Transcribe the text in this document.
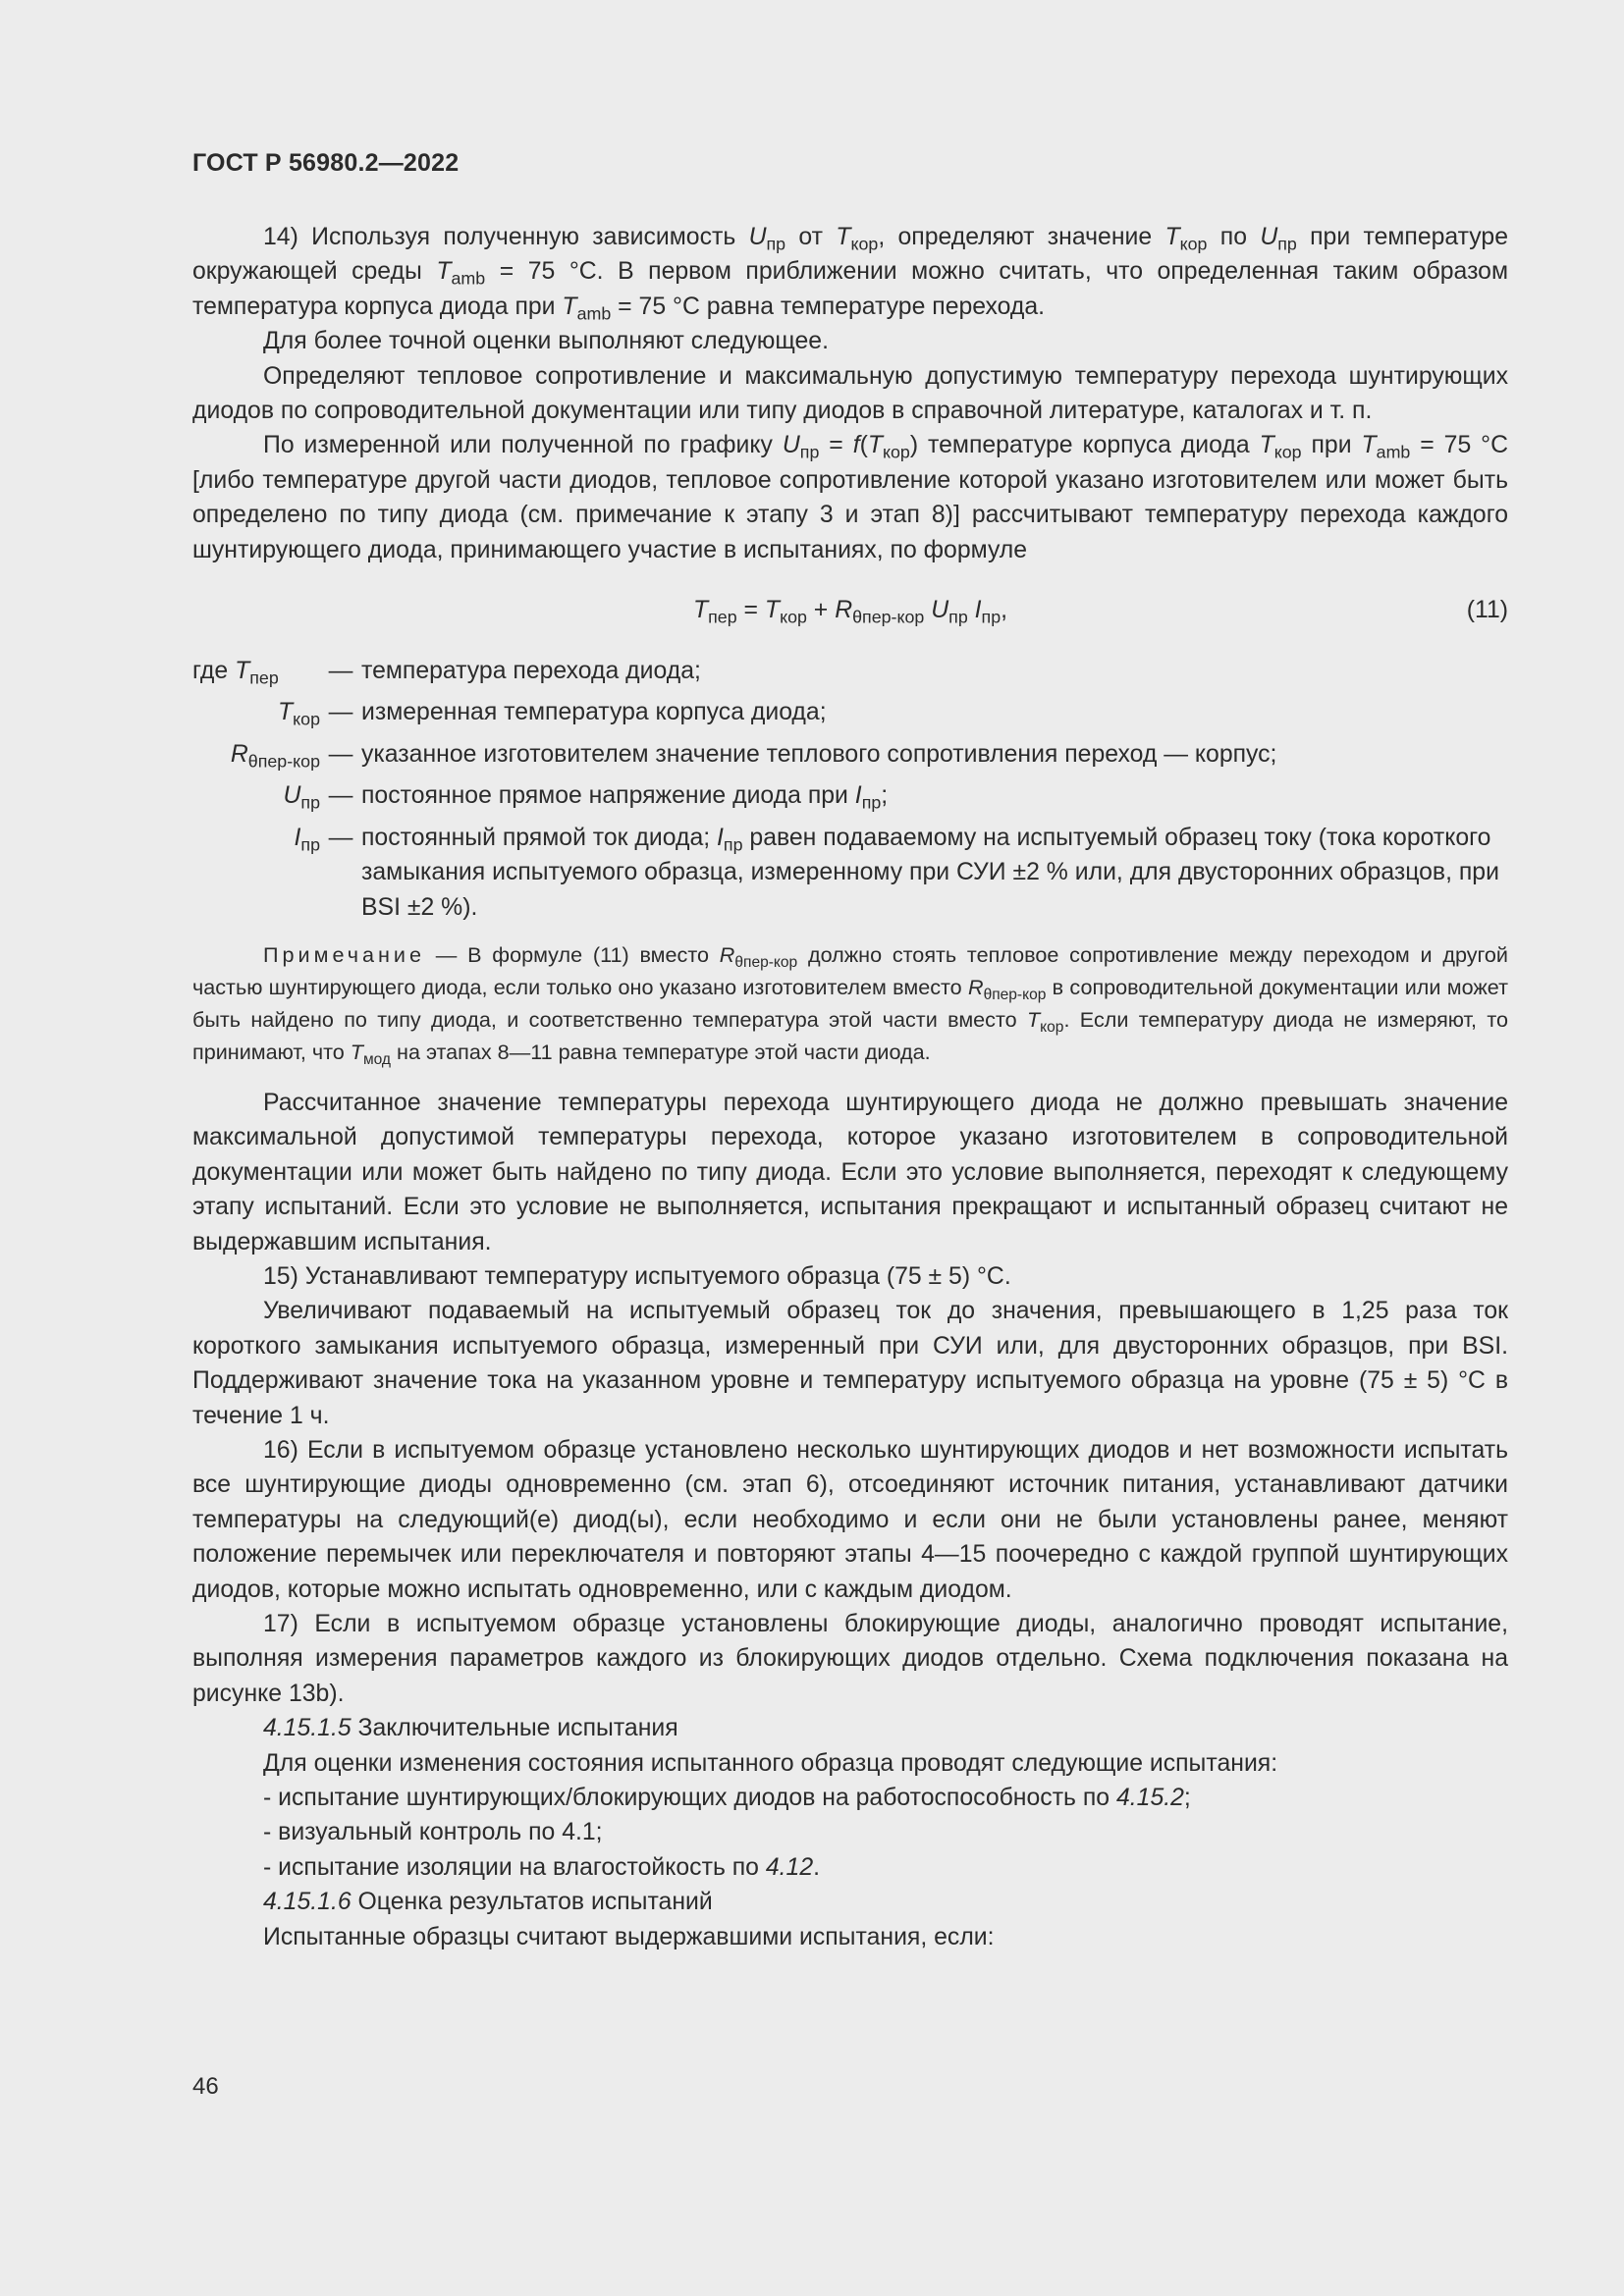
ГОСТ Р 56980.2—2022

14) Используя полученную зависимость $U_{пр}$ от $T_{кор}$, определяют значение $T_{кор}$ по $U_{пр}$ при температуре окружающей среды $T_{amb} = 75$ °C. В первом приближении можно считать, что определенная таким образом температура корпуса диода при $T_{amb} = 75$ °C равна температуре перехода.

Для более точной оценки выполняют следующее.

Определяют тепловое сопротивление и максимальную допустимую температуру перехода шунтирующих диодов по сопроводительной документации или типу диодов в справочной литературе, каталогах и т. п.

По измеренной или полученной по графику $U_{пр} = f(T_{кор})$ температуре корпуса диода $T_{кор}$ при $T_{amb} = 75$ °C [либо температуре другой части диодов, тепловое сопротивление которой указано изготовителем или может быть определено по типу диода (см. примечание к этапу 3 и этап 8)] рассчитывают температуру перехода каждого шунтирующего диода, принимающего участие в испытаниях, по формуле

$T_{пер} = T_{кор} + R_{\theta пер-кор}$ $U_{пр}$ $I_{пр}$,	(11)
где $T_{пер}$	— температура перехода диода;
$T_{кор}$ — измеренная температура корпуса диода;
$R_{\theta пер-кор}$ — указанное изготовителем значение теплового сопротивления переход — корпус;
$U_{пр}$ — постоянное прямое напряжение диода при $I_{пр}$;
$I_{пр}$ — постоянный прямой ток диода; $I_{пр}$ равен подаваемому на испытуемый образец току (тока короткого замыкания испытуемого образца, измеренному при СУИ ±2 % или, для двусторонних образцов, при BSI ±2 %).

Примечание — В формуле (11) вместо $R_{\theta пер-кор}$ должно стоять тепловое сопротивление между переходом и другой частью шунтирующего диода, если только оно указано изготовителем вместо $R_{\theta пер-кор}$ в сопроводительной документации или может быть найдено по типу диода, и соответственно температура этой части вместо $T_{кор}$. Если температуру диода не измеряют, то принимают, что $T_{мод}$ на этапах 8—11 равна температуре этой части диода.

Рассчитанное значение температуры перехода шунтирующего диода не должно превышать значение максимальной допустимой температуры перехода, которое указано изготовителем в сопроводительной документации или может быть найдено по типу диода. Если это условие выполняется, переходят к следующему этапу испытаний. Если это условие не выполняется, испытания прекращают и испытанный образец считают не выдержавшим испытания.

15) Устанавливают температуру испытуемого образца (75 ± 5) °C.

Увеличивают подаваемый на испытуемый образец ток до значения, превышающего в 1,25 раза ток короткого замыкания испытуемого образца, измеренный при СУИ или, для двусторонних образцов, при BSI. Поддерживают значение тока на указанном уровне и температуру испытуемого образца на уровне (75 ± 5) °C в течение 1 ч.

16) Если в испытуемом образце установлено несколько шунтирующих диодов и нет возможности испытать все шунтирующие диоды одновременно (см. этап 6), отсоединяют источник питания, устанавливают датчики температуры на следующий(е) диод(ы), если необходимо и если они не были установлены ранее, меняют положение перемычек или переключателя и повторяют этапы 4—15 поочередно с каждой группой шунтирующих диодов, которые можно испытать одновременно, или с каждым диодом.

17) Если в испытуемом образце установлены блокирующие диоды, аналогично проводят испытание, выполняя измерения параметров каждого из блокирующих диодов отдельно. Схема подключения показана на рисунке 13b).

4.15.1.5 Заключительные испытания

Для оценки изменения состояния испытанного образца проводят следующие испытания:

- испытание шунтирующих/блокирующих диодов на работоспособность по 4.15.2;

- визуальный контроль по 4.1;

- испытание изоляции на влагостойкость по 4.12.

4.15.1.6 Оценка результатов испытаний

Испытанные образцы считают выдержавшими испытания, если:

46
